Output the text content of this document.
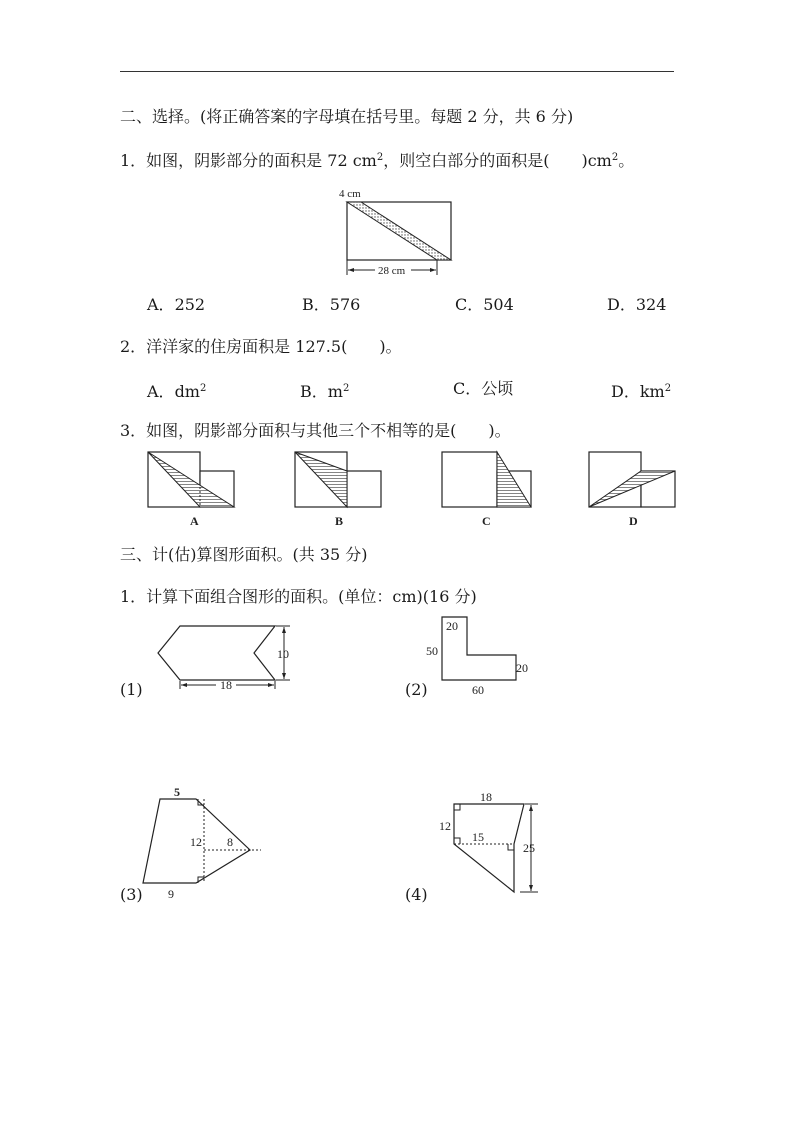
二、选择。(将正确答案的字母填在括号里。每题 2 分，共 6 分)
1．如图，阴影部分的面积是 72 $cm^2$，则空白部分的面积是(　　)$cm^2$。
4 cm
28 cm
A．252	B．576	C．504	D．324
2．洋洋家的住房面积是 127.5(　　)。
A．$dm^2$	B．$m^2$	C．公顷	D．$km^2$
3．如图，阴影部分面积与其他三个不相等的是(　　)。
A	B	C	D
三、计(估)算图形面积。(共 35 分)
1．计算下面组合图形的面积。(单位：cm)(16 分)
(1)
10
18	(2)
20
50
20
60
(3)
5
12 8
9	(4)
18
12
15
25
